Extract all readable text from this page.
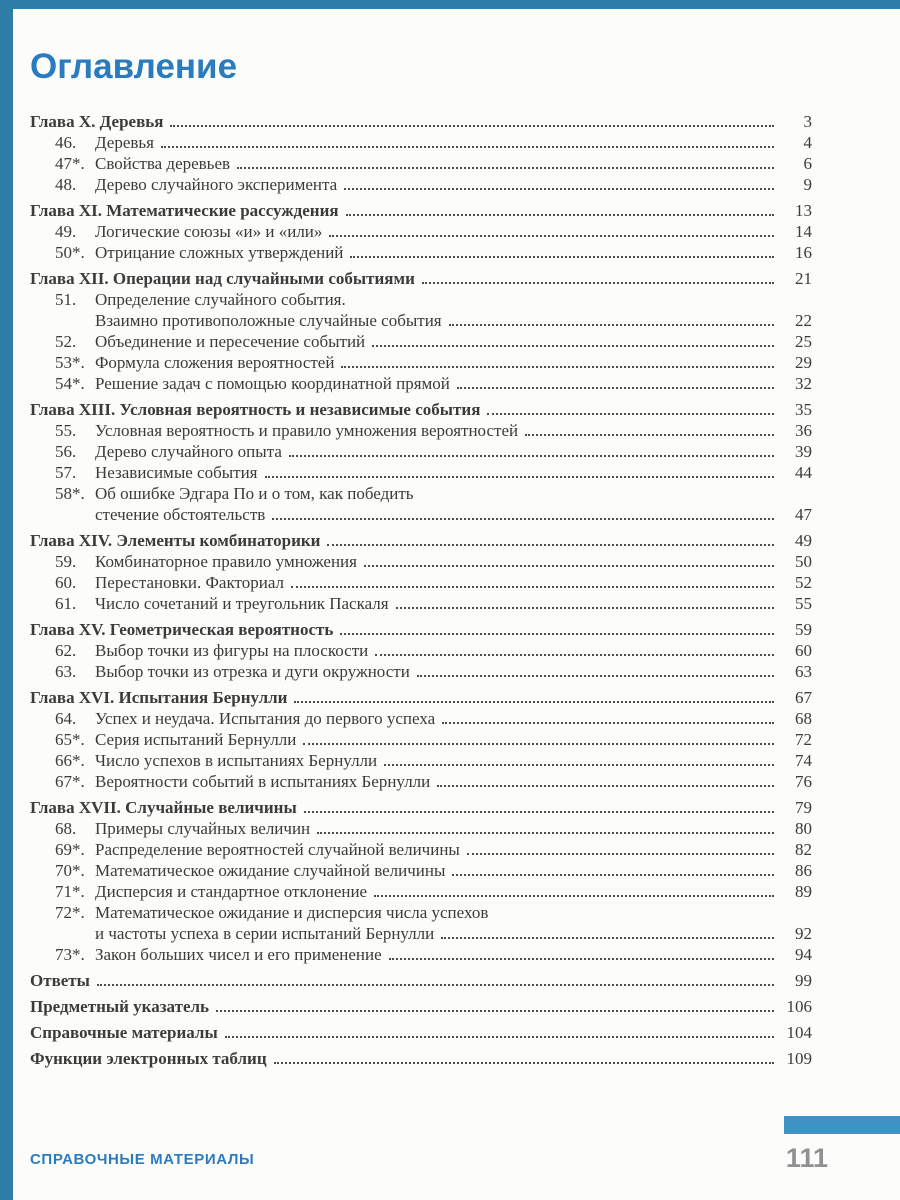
Оглавление
Глава X. Деревья	3
46.	Деревья	4
47*. Свойства деревьев	6
48.	Дерево случайного эксперимента	9
Глава XI. Математические рассуждения	13
49.	Логические союзы «и» и «или»	14
50*. Отрицание сложных утверждений	16
Глава XII. Операции над случайными событиями	21
51.	Определение случайного события.
Взаимно противоположные случайные события	22
52.	Объединение и пересечение событий	25
53*. Формула сложения вероятностей	29
54*. Решение задач с помощью координатной прямой	32
Глава XIII. Условная вероятность и независимые события	35
55.	Условная вероятность и правило умножения вероятностей	36
56.	Дерево случайного опыта	39
57.	Независимые события	44
58*. Об ошибке Эдгара По и о том, как победить
стечение обстоятельств	47
Глава XIV. Элементы комбинаторики	49
59.	Комбинаторное правило умножения	50
60.	Перестановки. Факториал	52
61.	Число сочетаний и треугольник Паскаля	55
Глава XV. Геометрическая вероятность	59
62.	Выбор точки из фигуры на плоскости	60
63.	Выбор точки из отрезка и дуги окружности	63
Глава XVI. Испытания Бернулли	67
64.	Успех и неудача. Испытания до первого успеха	68
65*. Серия испытаний Бернулли	72
66*. Число успехов в испытаниях Бернулли	74
67*. Вероятности событий в испытаниях Бернулли	76
Глава XVII. Случайные величины	79
68.	Примеры случайных величин	80
69*. Распределение вероятностей случайной величины	82
70*. Математическое ожидание случайной величины	86
71*. Дисперсия и стандартное отклонение	89
72*. Математическое ожидание и дисперсия числа успехов
и частоты успеха в серии испытаний Бернулли	92
73*. Закон больших чисел и его применение	94
Ответы	99
Предметный указатель	106
Справочные материалы	104
Функции электронных таблиц	109
СПРАВОЧНЫЕ МАТЕРИАЛЫ	111
